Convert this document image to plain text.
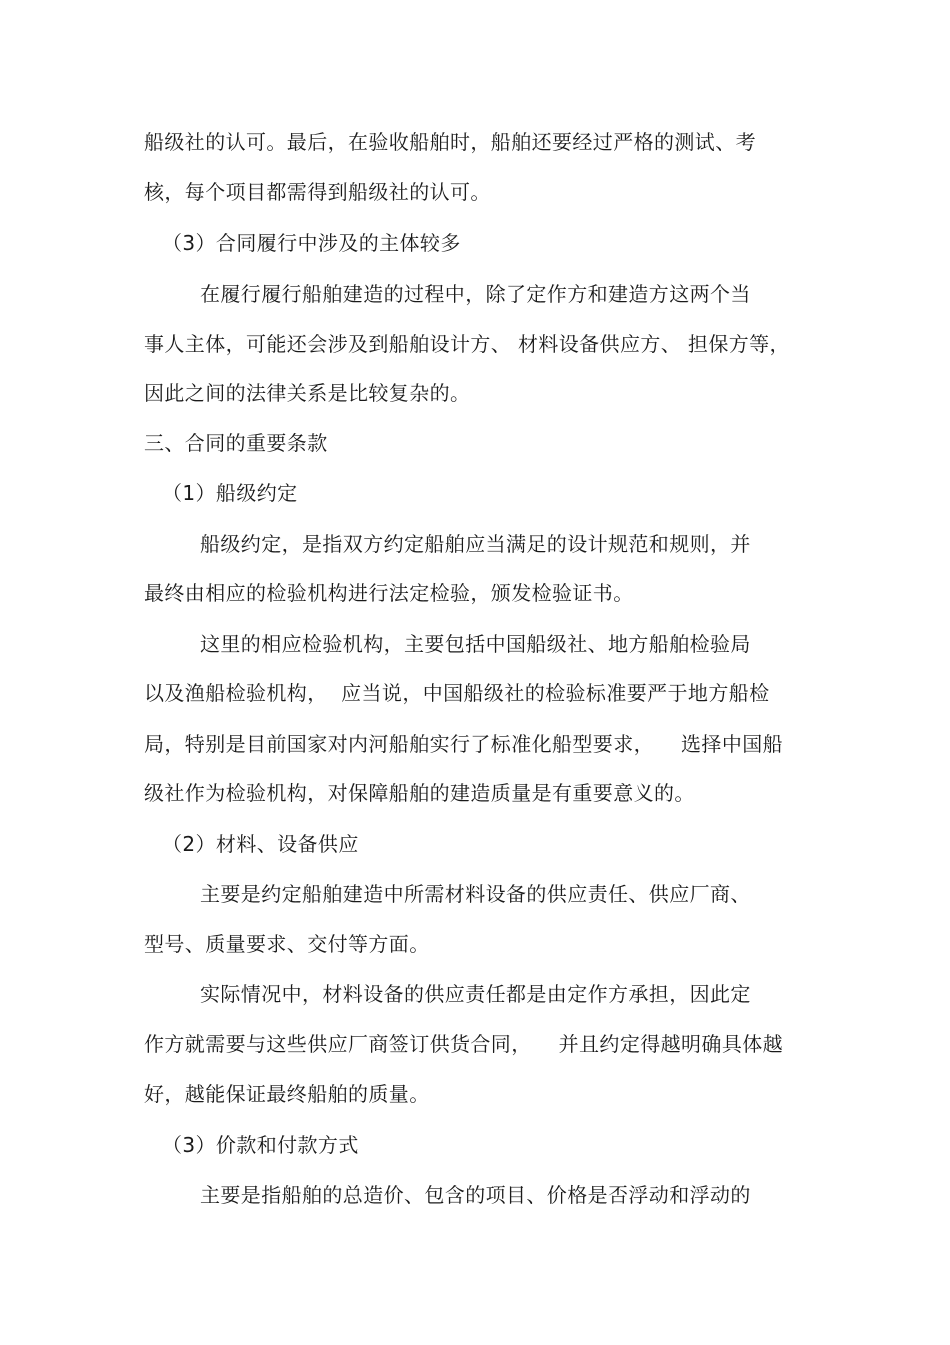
船级社的认可。最后，在验收船舶时，船舶还要经过严格的测试、考
核，每个项目都需得到船级社的认可。
（3）合同履行中涉及的主体较多
在履行履行船舶建造的过程中，除了定作方和建造方这两个当
事人主体，可能还会涉及到船舶设计方、 材料设备供应方、 担保方等，
因此之间的法律关系是比较复杂的。
三、合同的重要条款
（1）船级约定
船级约定，是指双方约定船舶应当满足的设计规范和规则，并
最终由相应的检验机构进行法定检验，颁发检验证书。
这里的相应检验机构，主要包括中国船级社、地方船舶检验局
以及渔船检验机构，  应当说，中国船级社的检验标准要严于地方船检
局，特别是目前国家对内河船舶实行了标准化船型要求，    选择中国船
级社作为检验机构，对保障船舶的建造质量是有重要意义的。
（2）材料、设备供应
主要是约定船舶建造中所需材料设备的供应责任、供应厂商、
型号、质量要求、交付等方面。
实际情况中，材料设备的供应责任都是由定作方承担，因此定
作方就需要与这些供应厂商签订供货合同，    并且约定得越明确具体越
好，越能保证最终船舶的质量。
（3）价款和付款方式
主要是指船舶的总造价、包含的项目、价格是否浮动和浮动的
